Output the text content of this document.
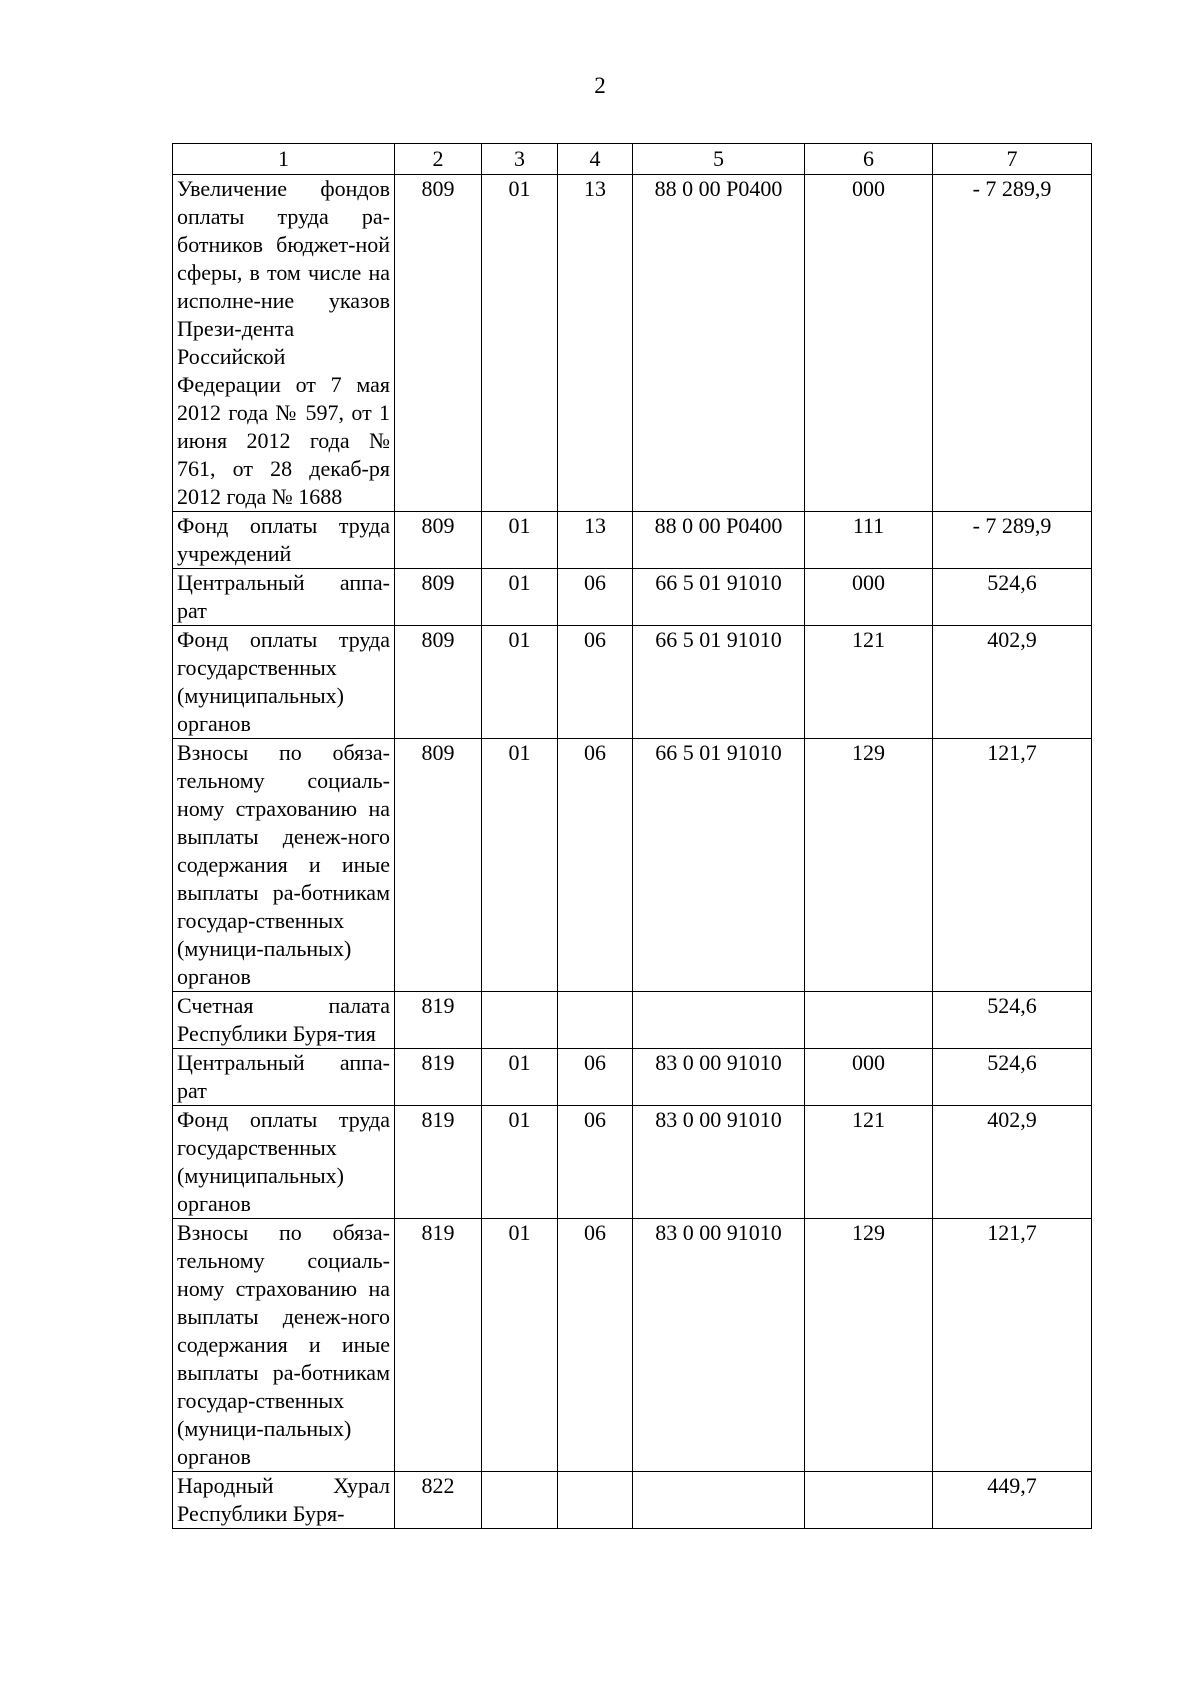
2
1	2	3	4	5	6	7
Увеличение фондов оплаты труда ра-ботников бюджет-ной сферы, в том числе на исполне-ние указов Прези-дента Российской Федерации от 7 мая 2012 года № 597, от 1 июня 2012 года № 761, от 28 декаб-ря 2012 года № 1688	809	01	13	88 0 00 Р0400	000	- 7 289,9
Фонд оплаты труда учреждений	809	01	13	88 0 00 Р0400	111	- 7 289,9
Центральный аппа-рат	809	01	06	66 5 01 91010	000	524,6
Фонд оплаты труда государственных (муниципальных) органов	809	01	06	66 5 01 91010	121	402,9
Взносы по обяза-тельному социаль-ному страхованию на выплаты денеж-ного содержания и иные выплаты ра-ботникам государ-ственных (муници-пальных) органов	809	01	06	66 5 01 91010	129	121,7
Счетная палата Республики Буря-тия	819					524,6
Центральный аппа-рат	819	01	06	83 0 00 91010	000	524,6
Фонд оплаты труда государственных (муниципальных) органов	819	01	06	83 0 00 91010	121	402,9
Взносы по обяза-тельному социаль-ному страхованию на выплаты денеж-ного содержания и иные выплаты ра-ботникам государ-ственных (муници-пальных) органов	819	01	06	83 0 00 91010	129	121,7
Народный Хурал Республики Буря-	822					449,7
